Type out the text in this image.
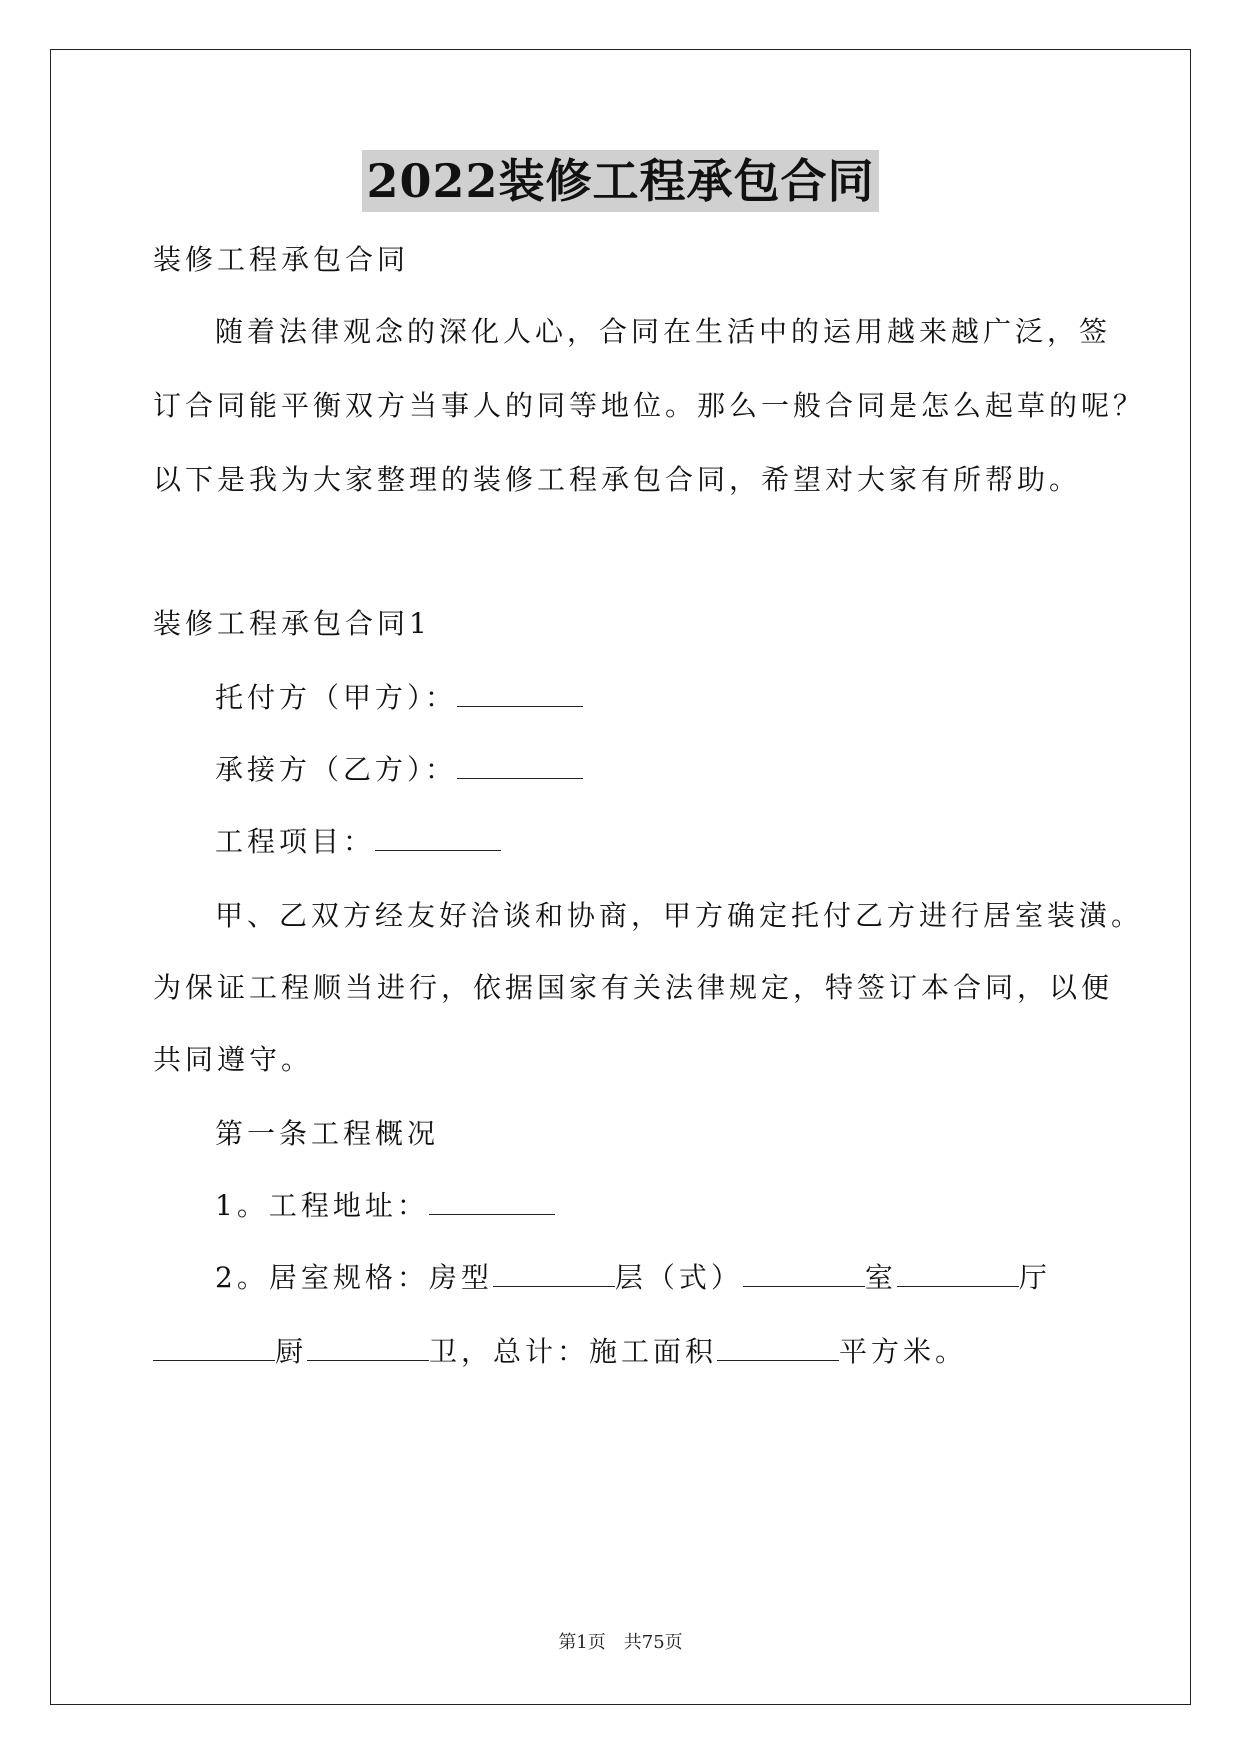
2022装修工程承包合同
装修工程承包合同
随着法律观念的深化人心，合同在生活中的运用越来越广泛，签
订合同能平衡双方当事人的同等地位。那么一般合同是怎么起草的呢？
以下是我为大家整理的装修工程承包合同，希望对大家有所帮助。
装修工程承包合同1
托付方（甲方）：
承接方（乙方）：
工程项目：
甲、乙双方经友好洽谈和协商，甲方确定托付乙方进行居室装潢。
为保证工程顺当进行，依据国家有关法律规定，特签订本合同，以便
共同遵守。
第一条工程概况
1。工程地址：
2。居室规格：房型	层（式）	室	厅
厨	卫，总计：施工面积	平方米。
第1页　共75页
